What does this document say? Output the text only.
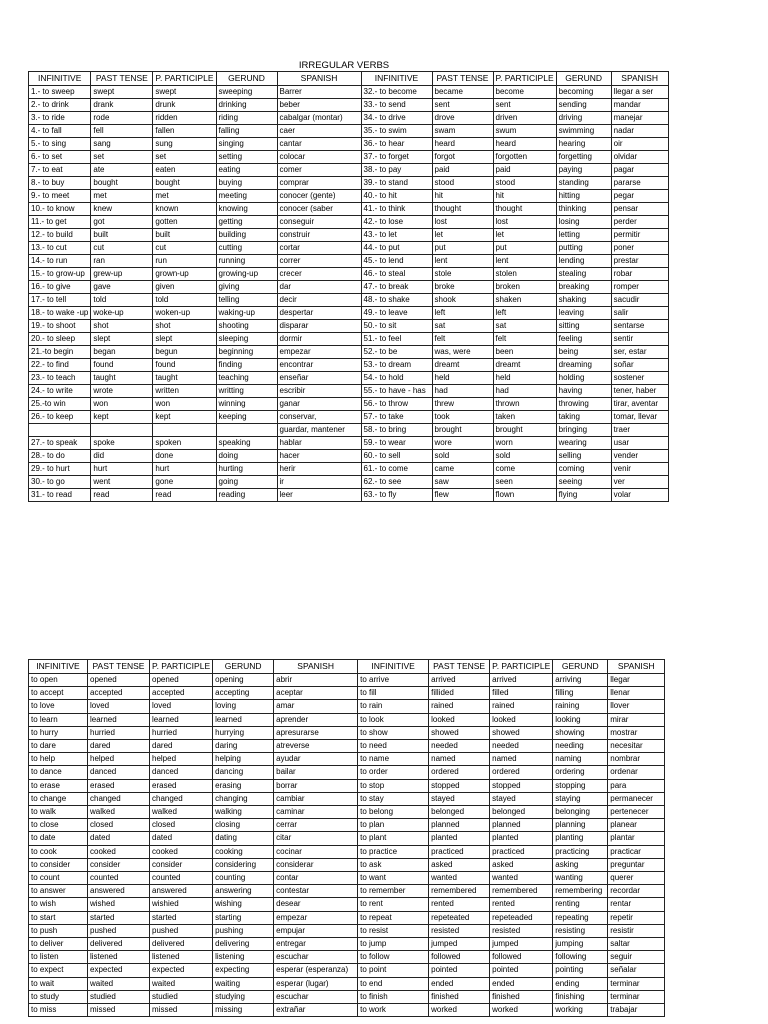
IRREGULAR VERBS
INFINITIVE	PAST TENSE	P. PARTICIPLE	GERUND	SPANISH	INFINITIVE	PAST TENSE	P. PARTICIPLE	GERUND	SPANISH
1.- to sweep	swept	swept	sweeping	Barrer	32.- to become	became	become	becoming	llegar a ser
2.- to drink	drank	drunk	drinking	beber	33.- to send	sent	sent	sending	mandar
3.- to ride	rode	ridden	riding	cabalgar (montar)	34.- to drive	drove	driven	driving	manejar
4.- to fall	fell	fallen	falling	caer	35.- to swim	swam	swum	swimming	nadar
5.- to sing	sang	sung	singing	cantar	36.- to hear	heard	heard	hearing	oir
6.- to set	set	set	setting	colocar	37.- to forget	forgot	forgotten	forgetting	olvidar
7.- to eat	ate	eaten	eating	comer	38.- to pay	paid	paid	paying	pagar
8.- to buy	bought	bought	buying	comprar	39.- to stand	stood	stood	standing	pararse
9.- to meet	met	met	meeting	conocer (gente)	40.- to hit	hit	hit	hitting	pegar
10.- to know	knew	known	knowing	conocer (saber	41.- to think	thought	thought	thinking	pensar
11.- to get	got	gotten	getting	conseguir	42.- to lose	lost	lost	losing	perder
12.- to build	built	built	building	construir	43.- to let	let	let	letting	permitir
13.- to cut	cut	cut	cutting	cortar	44.- to put	put	put	putting	poner
14.- to run	ran	run	running	correr	45.- to lend	lent	lent	lending	prestar
15.- to grow-up	grew-up	grown-up	growing-up	crecer	46.- to steal	stole	stolen	stealing	robar
16.- to give	gave	given	giving	dar	47.- to break	broke	broken	breaking	romper
17.- to tell	told	told	telling	decir	48.- to shake	shook	shaken	shaking	sacudir
18.- to wake -up	woke-up	woken-up	waking-up	despertar	49.- to leave	left	left	leaving	salir
19.- to shoot	shot	shot	shooting	disparar	50.- to sit	sat	sat	sitting	sentarse
20.- to sleep	slept	slept	sleeping	dormir	51.- to feel	felt	felt	feeling	sentir
21.-to begin	began	begun	beginning	empezar	52.- to be	was, were	been	being	ser, estar
22.- to find	found	found	finding	encontrar	53.- to dream	dreamt	dreamt	dreaming	soñar
23.- to teach	taught	taught	teaching	enseñar	54.- to hold	held	held	holding	sostener
24.- to write	wrote	written	writting	escribir	55.- to have - has	had	had	having	tener, haber
25.-to win	won	won	winning	ganar	56.- to throw	threw	thrown	throwing	tirar, aventar
26.- to keep	kept	kept	keeping	conservar,	57.- to take	took	taken	taking	tomar, llevar
				guardar, mantener	58.- to bring	brought	brought	bringing	traer
27.- to speak	spoke	spoken	speaking	hablar	59.- to wear	wore	worn	wearing	usar
28.- to do	did	done	doing	hacer	60.- to sell	sold	sold	selling	vender
29.- to hurt	hurt	hurt	hurting	herir	61.- to come	came	come	coming	venir
30.- to go	went	gone	going	ir	62.- to see	saw	seen	seeing	ver
31.- to read	read	read	reading	leer	63.- to fly	flew	flown	flying	volar
INFINITIVE	PAST TENSE	P. PARTICIPLE	GERUND	SPANISH	INFINITIVE	PAST TENSE	P. PARTICIPLE	GERUND	SPANISH
to open	opened	opened	opening	abrir	to arrive	arrived	arrived	arriving	llegar
to accept	accepted	accepted	accepting	aceptar	to fill	fillided	filled	filling	llenar
to love	loved	loved	loving	amar	to rain	rained	rained	raining	llover
to learn	learned	learned	learned	aprender	to look	looked	looked	looking	mirar
to hurry	hurried	hurried	hurrying	apresurarse	to show	showed	showed	showing	mostrar
to dare	dared	dared	daring	atreverse	to need	needed	needed	needing	necesitar
to help	helped	helped	helping	ayudar	to name	named	named	naming	nombrar
to dance	danced	danced	dancing	bailar	to order	ordered	ordered	ordering	ordenar
to erase	erased	erased	erasing	borrar	to stop	stopped	stopped	stopping	para
to change	changed	changed	changing	cambiar	to stay	stayed	stayed	staying	permanecer
to walk	walked	walked	walking	caminar	to belong	belonged	belonged	belonging	pertenecer
to close	closed	closed	closing	cerrar	to plan	planned	planned	planning	planear
to date	dated	dated	dating	citar	to plant	planted	planted	planting	plantar
to cook	cooked	cooked	cooking	cocinar	to practice	practiced	practiced	practicing	practicar
to consider	consider	consider	considering	considerar	to ask	asked	asked	asking	preguntar
to count	counted	counted	counting	contar	to want	wanted	wanted	wanting	querer
to answer	answered	answered	answering	contestar	to remember	remembered	remembered	remembering	recordar
to wish	wished	wishied	wishing	desear	to rent	rented	rented	renting	rentar
to start	started	started	starting	empezar	to repeat	repeteated	repeteaded	repeating	repetir
to push	pushed	pushed	pushing	empujar	to resist	resisted	resisted	resisting	resistir
to deliver	delivered	delivered	delivering	entregar	to jump	jumped	jumped	jumping	saltar
to listen	listened	listened	listening	escuchar	to follow	followed	followed	following	seguir
to expect	expected	expected	expecting	esperar (esperanza)	to point	pointed	pointed	pointing	señalar
to wait	waited	waited	waiting	esperar (lugar)	to end	ended	ended	ending	terminar
to study	studied	studied	studying	escuchar	to finish	finished	finished	finishing	terminar
to miss	missed	missed	missing	extrañar	to work	worked	worked	working	trabajar
